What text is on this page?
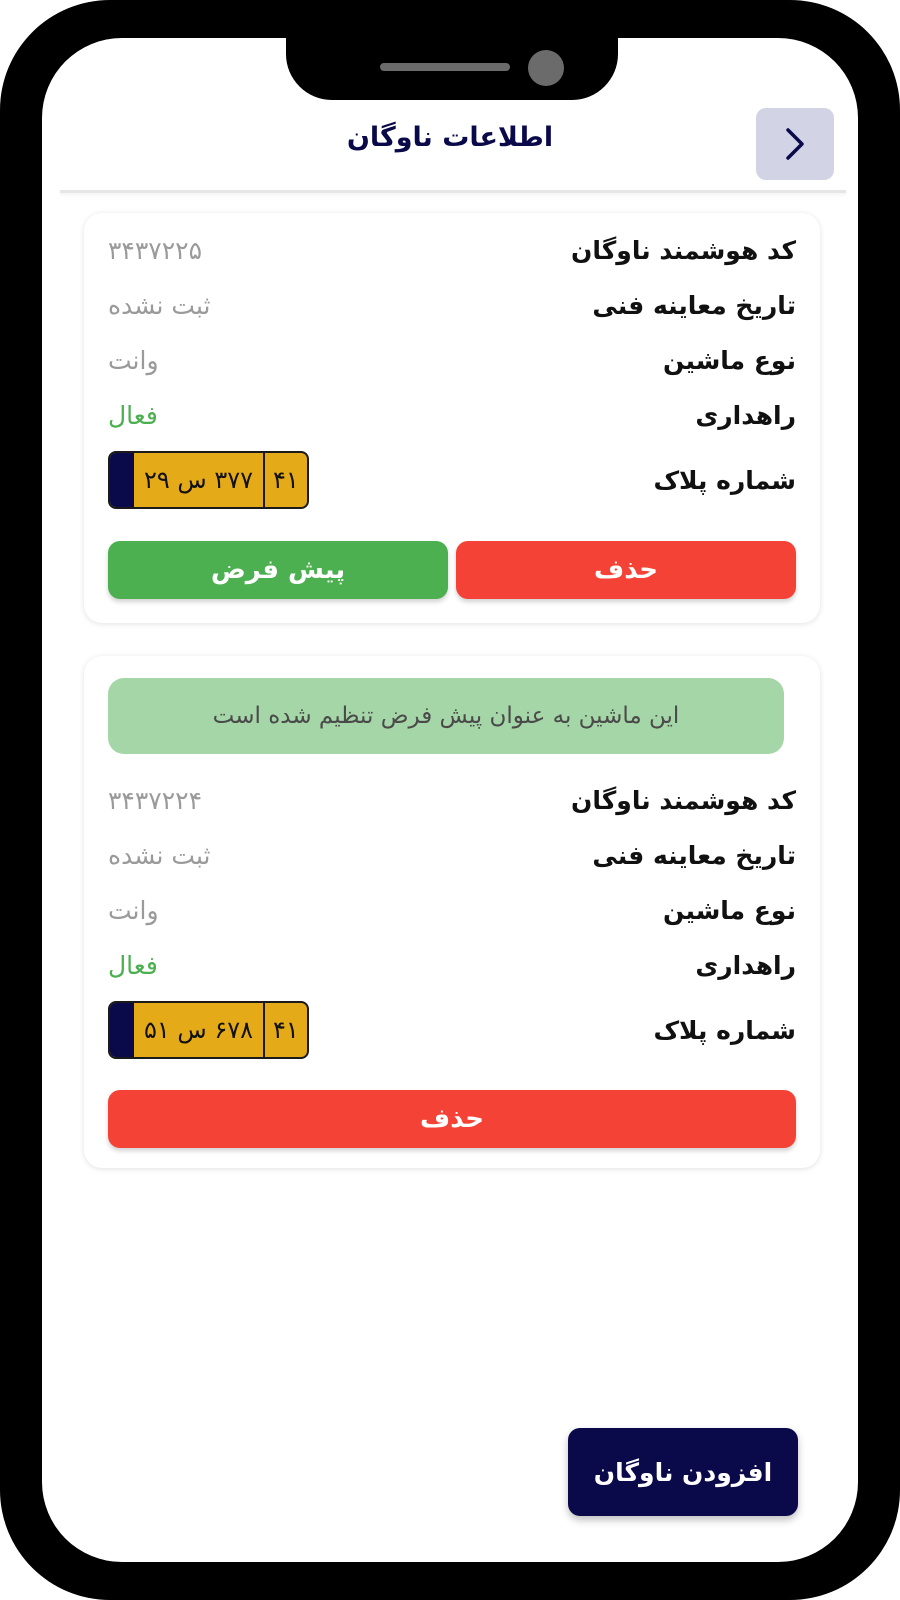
اطلاعات ناوگان
کد هوشمند ناوگان
۳۴۳۷۲۲۵
تاریخ معاینه فنی
ثبت نشده
نوع ماشین
وانت
راهداری
فعال
شماره پلاک
۳۷۷ س ۲۹ ۴۱
حذف
پیش فرض
این ماشین به عنوان پیش فرض تنظیم شده است
کد هوشمند ناوگان
۳۴۳۷۲۲۴
تاریخ معاینه فنی
ثبت نشده
نوع ماشین
وانت
راهداری
فعال
شماره پلاک
۶۷۸ س ۵۱ ۴۱
حذف
افزودن ناوگان
